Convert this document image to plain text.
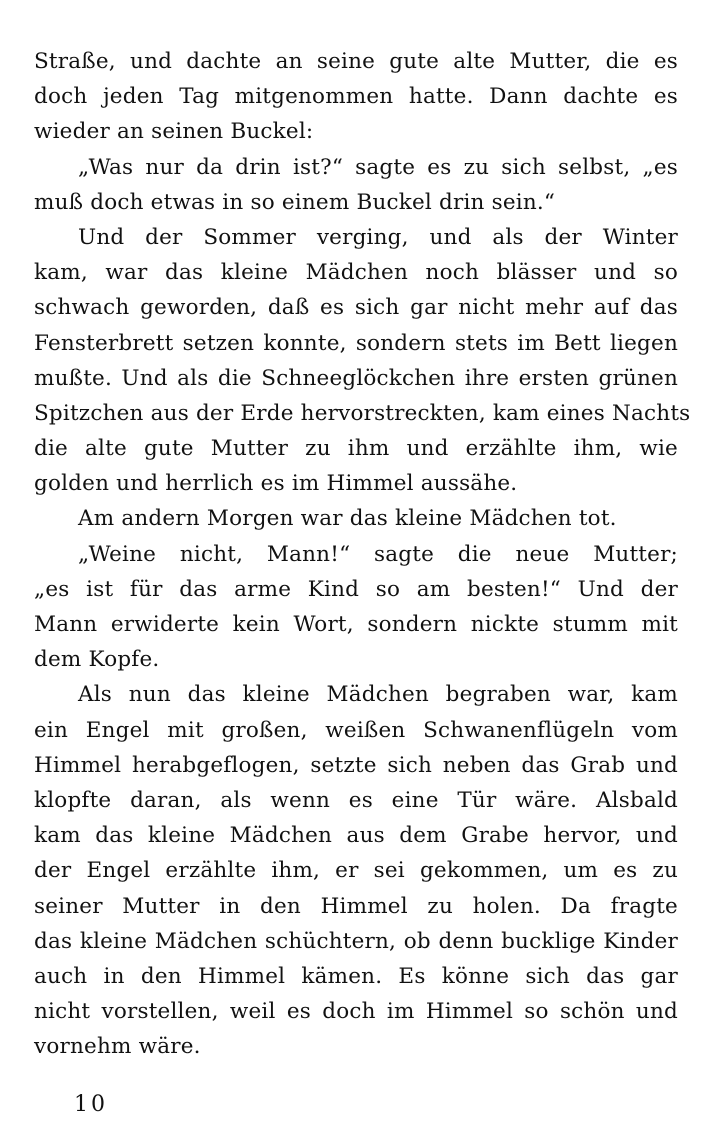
Straße, und dachte an seine gute alte Mutter, die es
doch jeden Tag mitgenommen hatte. Dann dachte es
wieder an seinen Buckel:
„Was nur da drin ist?“ sagte es zu sich selbst, „es
muß doch etwas in so einem Buckel drin sein.“
Und der Sommer verging, und als der Winter
kam, war das kleine Mädchen noch blässer und so
schwach geworden, daß es sich gar nicht mehr auf das
Fensterbrett setzen konnte, sondern stets im Bett liegen
mußte. Und als die Schneeglöckchen ihre ersten grünen
Spitzchen aus der Erde hervorstreckten, kam eines Nachts
die alte gute Mutter zu ihm und erzählte ihm, wie
golden und herrlich es im Himmel aussähe.
Am andern Morgen war das kleine Mädchen tot.
„Weine nicht, Mann!“ sagte die neue Mutter;
„es ist für das arme Kind so am besten!“ Und der
Mann erwiderte kein Wort, sondern nickte stumm mit
dem Kopfe.
Als nun das kleine Mädchen begraben war, kam
ein Engel mit großen, weißen Schwanenflügeln vom
Himmel herabgeflogen, setzte sich neben das Grab und
klopfte daran, als wenn es eine Tür wäre. Alsbald
kam das kleine Mädchen aus dem Grabe hervor, und
der Engel erzählte ihm, er sei gekommen, um es zu
seiner Mutter in den Himmel zu holen. Da fragte
das kleine Mädchen schüchtern, ob denn bucklige Kinder
auch in den Himmel kämen. Es könne sich das gar
nicht vorstellen, weil es doch im Himmel so schön und
vornehm wäre.
10
